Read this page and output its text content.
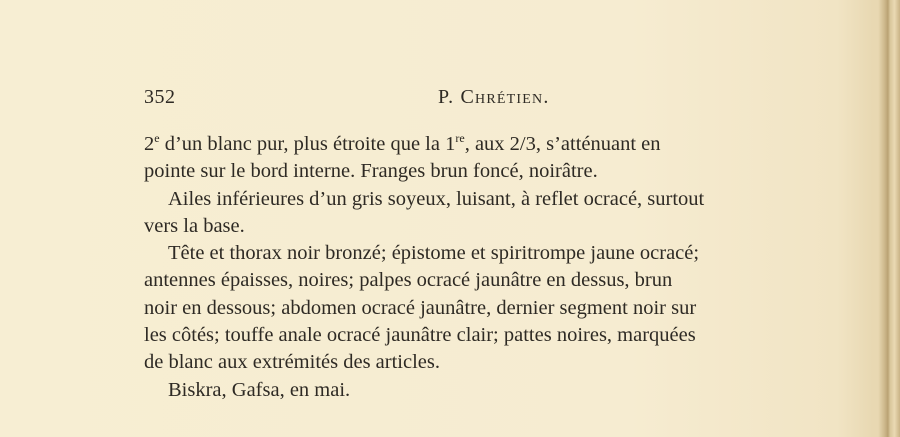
352	P. Chrétien.
2e d’un blanc pur, plus étroite que la 1re, aux 2/3, s’atténuant en
pointe sur le bord interne. Franges brun foncé, noirâtre.
Ailes inférieures d’un gris soyeux, luisant, à reflet ocracé, surtout
vers la base.
Tête et thorax noir bronzé; épistome et spiritrompe jaune ocracé;
antennes épaisses, noires; palpes ocracé jaunâtre en dessus, brun
noir en dessous; abdomen ocracé jaunâtre, dernier segment noir sur
les côtés; touffe anale ocracé jaunâtre clair; pattes noires, marquées
de blanc aux extrémités des articles.
Biskra, Gafsa, en mai.
